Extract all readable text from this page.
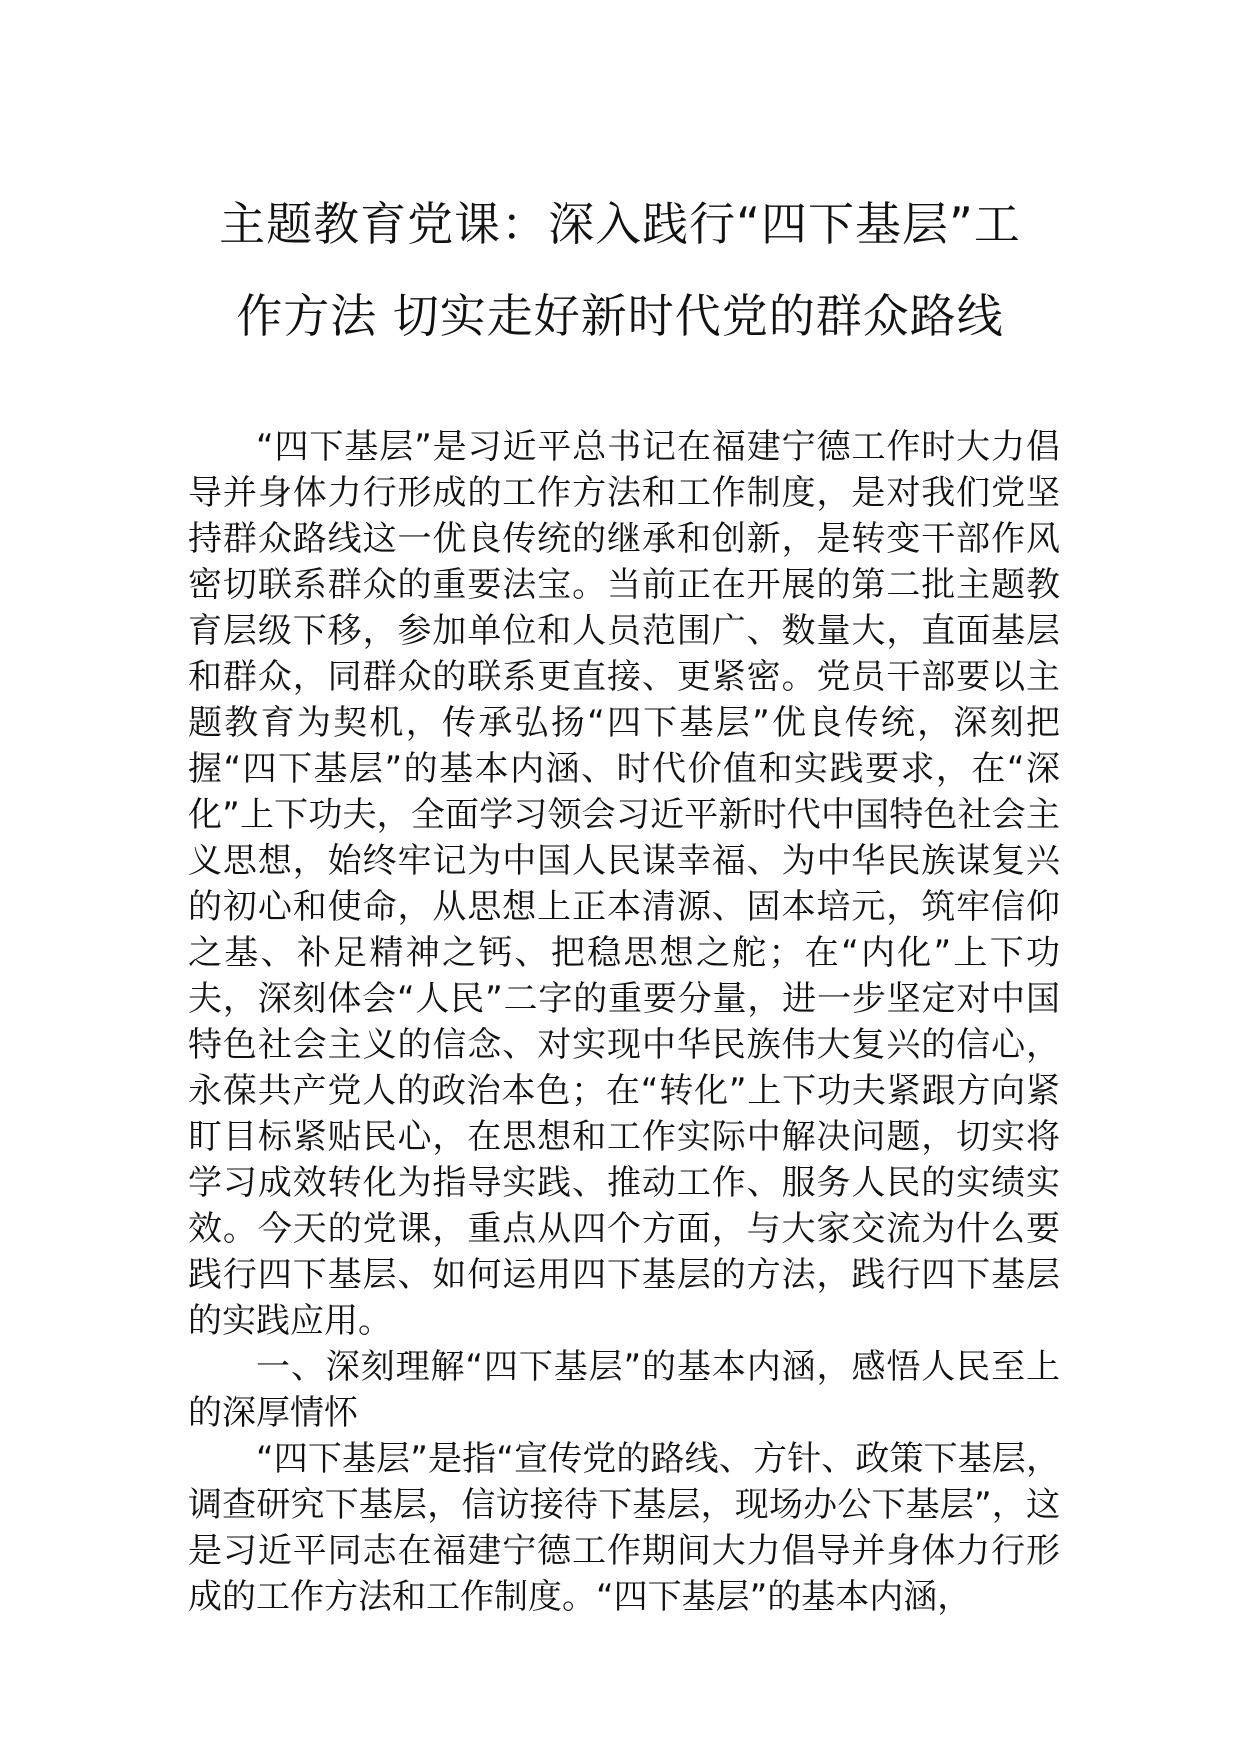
主题教育党课：深入践行“四下基层”工
作方法 切实走好新时代党的群众路线

“四下基层”是习近平总书记在福建宁德工作时大力倡导并身体力行形成的工作方法和工作制度，是对我们党坚持群众路线这一优良传统的继承和创新，是转变干部作风密切联系群众的重要法宝。当前正在开展的第二批主题教育层级下移，参加单位和人员范围广、数量大，直面基层和群众，同群众的联系更直接、更紧密。党员干部要以主题教育为契机，传承弘扬“四下基层”优良传统，深刻把握“四下基层”的基本内涵、时代价值和实践要求，在“深化”上下功夫，全面学习领会习近平新时代中国特色社会主义思想，始终牢记为中国人民谋幸福、为中华民族谋复兴的初心和使命，从思想上正本清源、固本培元，筑牢信仰之基、补足精神之钙、把稳思想之舵；在“内化”上下功夫，深刻体会“人民”二字的重要分量，进一步坚定对中国特色社会主义的信念、对实现中华民族伟大复兴的信心，永葆共产党人的政治本色；在“转化”上下功夫紧跟方向紧盯目标紧贴民心，在思想和工作实际中解决问题，切实将学习成效转化为指导实践、推动工作、服务人民的实绩实效。今天的党课，重点从四个方面，与大家交流为什么要践行四下基层、如何运用四下基层的方法，践行四下基层的实践应用。

一、深刻理解“四下基层”的基本内涵，感悟人民至上的深厚情怀

“四下基层”是指“宣传党的路线、方针、政策下基层，调查研究下基层，信访接待下基层，现场办公下基层”，这是习近平同志在福建宁德工作期间大力倡导并身体力行形成的工作方法和工作制度。“四下基层”的基本内涵，
